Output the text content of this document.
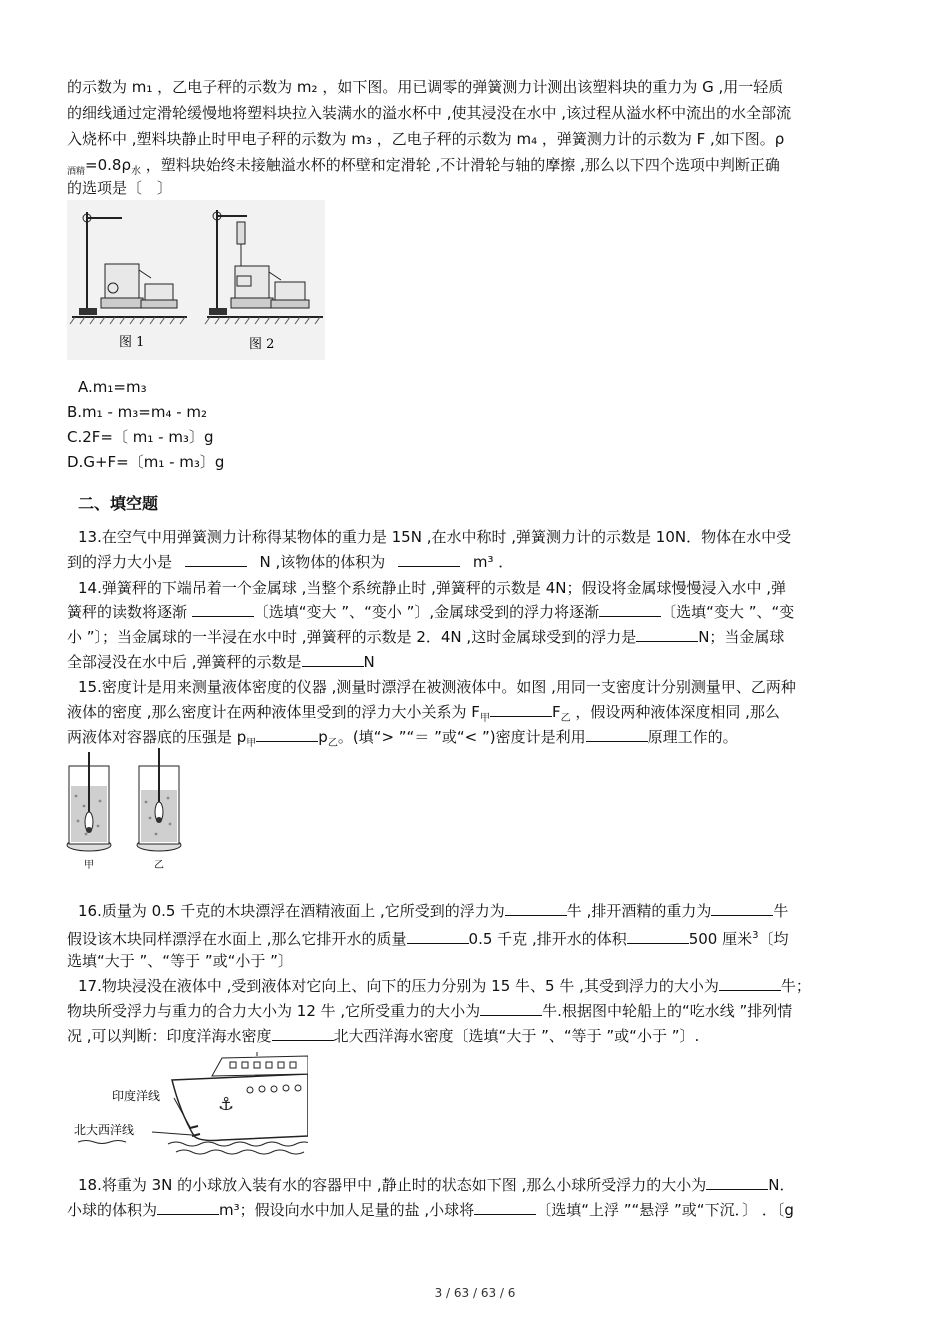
的示数为 m₁ ，乙电子秤的示数为 m₂ ，如下图。用已调零的弹簧测力计测出该塑料块的重力为 G ,用一轻质
的细线通过定滑轮缓慢地将塑料块拉入装满水的溢水杯中 ,使其浸没在水中 ,该过程从溢水杯中流出的水全部流
入烧杯中 ,塑料块静止时甲电子秤的示数为 m₃ ，乙电子秤的示数为 m₄ ，弹簧测力计的示数为 F ,如下图。ρ
$_{酒精}=0.8\rho_水$ ，塑料块始终未接触溢水杯的杯壁和定滑轮 ,不计滑轮与轴的摩擦 ,那么以下四个选项中判断正确
的选项是〔　〕
图 1	图 2
A.m₁=m₃
B.m₁ - m₃=m₄ - m₂
C.2F=〔 m₁ - m₃〕g
D.G+F=〔m₁ - m₃〕g
二、填空题
13.在空气中用弹簧测力计称得某物体的重力是 15N ,在水中称时 ,弹簧测力计的示数是 10N．物体在水中受
到的浮力大小是	N ,该物体的体积为	m³ ．
14.弹簧秤的下端吊着一个金属球 ,当整个系统静止时 ,弹簧秤的示数是 4N；假设将金属球慢慢浸入水中 ,弹
簧秤的读数将逐渐	〔选填“变大 ”、“变小 ”〕,金属球受到的浮力将逐渐	〔选填“变大 ”、“变
小 ”〕；当金属球的一半浸在水中时 ,弹簧秤的示数是 2．4N ,这时金属球受到的浮力是	N；当金属球
全部浸没在水中后 ,弹簧秤的示数是	N
15.密度计是用来测量液体密度的仪器 ,测量时漂浮在被测液体中。如图 ,用同一支密度计分别测量甲、乙两种
液体的密度 ,那么密度计在两种液体里受到的浮力大小关系为 $F_甲$	$F_乙$ ，假设两种液体深度相同 ,那么
两液体对容器底的压强是 $p_甲$	$p_乙$。(填“> ”“＝ ”或“< ”)密度计是利用	原理工作的。
甲	乙
16.质量为 0.5 千克的木块漂浮在酒精液面上 ,它所受到的浮力为	牛 ,排开酒精的重力为	牛
假设该木块同样漂浮在水面上 ,那么它排开水的质量	0.5 千克 ,排开水的体积	500 厘米$^3$〔均
选填“大于 ”、“等于 ”或“小于 ”〕
17.物块浸没在液体中 ,受到液体对它向上、向下的压力分别为 15 牛、5 牛 ,其受到浮力的大小为	牛；
物块所受浮力与重力的合力大小为 12 牛 ,它所受重力的大小为	牛.根据图中轮船上的“吃水线 ”排列情
况 ,可以判断：印度洋海水密度	北大西洋海水密度〔选填“大于 ”、“等于 ”或“小于 ”〕.
⚓
印度洋线
北大西洋线
18.将重为 3N 的小球放入装有水的容器甲中 ,静止时的状态如下图 ,那么小球所受浮力的大小为	N．
小球的体积为	m³；假设向水中加人足量的盐 ,小球将	〔选填“上浮 ”“悬浮 ”或“下沉．〕 ．〔g
3 / 63 / 63 / 6
